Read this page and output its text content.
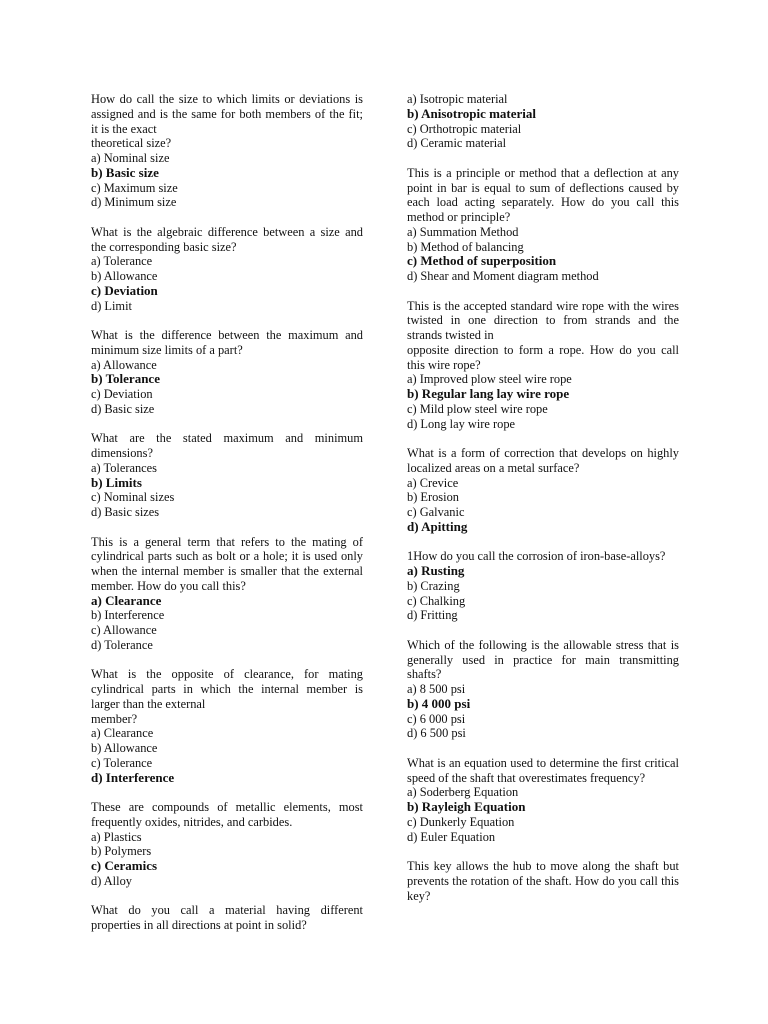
How do call the size to which limits or deviations is assigned and is the same for both members of the fit; it is the exact
theoretical size?
a) Nominal size
b) Basic size
c) Maximum size
d) Minimum size
What is the algebraic difference between a size and the corresponding basic size?
a) Tolerance
b) Allowance
c) Deviation
d) Limit
What is the difference between the maximum and minimum size limits of a part?
a) Allowance
b) Tolerance
c) Deviation
d) Basic size
What are the stated maximum and minimum dimensions?
a) Tolerances
b) Limits
c) Nominal sizes
d) Basic sizes
This is a general term that refers to the mating of cylindrical parts such as bolt or a hole; it is used only when the internal member is smaller that the external member. How do you call this?
a) Clearance
b) Interference
c) Allowance
d) Tolerance
What is the opposite of clearance, for mating cylindrical parts in which the internal member is larger than the external
member?
a) Clearance
b) Allowance
c) Tolerance
d) Interference
These are compounds of metallic elements, most frequently oxides, nitrides, and carbides.
a) Plastics
b) Polymers
c) Ceramics
d) Alloy
What do you call a material having different properties in all directions at point in solid?
a) Isotropic material
b) Anisotropic material
c) Orthotropic material
d) Ceramic material
This is a principle or method that a deflection at any point in bar is equal to sum of deflections caused by each load acting separately. How do you call this method or principle?
a) Summation Method
b) Method of balancing
c) Method of superposition
d) Shear and Moment diagram method
This is the accepted standard wire rope with the wires twisted in one direction to from strands and the strands twisted in
opposite direction to form a rope. How do you call this wire rope?
a) Improved plow steel wire rope
b) Regular lang lay wire rope
c) Mild plow steel wire rope
d) Long lay wire rope
What is a form of correction that develops on highly localized areas on a metal surface?
a) Crevice
b) Erosion
c) Galvanic
d) Apitting
1How do you call the corrosion of iron-base-alloys?
a) Rusting
b) Crazing
c) Chalking
d) Fritting
Which of the following is the allowable stress that is generally used in practice for main transmitting shafts?
a) 8 500 psi
b) 4 000 psi
c) 6 000 psi
d) 6 500 psi
What is an equation used to determine the first critical speed of the shaft that overestimates frequency?
a) Soderberg Equation
b) Rayleigh Equation
c) Dunkerly Equation
d) Euler Equation
This key allows the hub to move along the shaft but prevents the rotation of the shaft. How do you call this key?
